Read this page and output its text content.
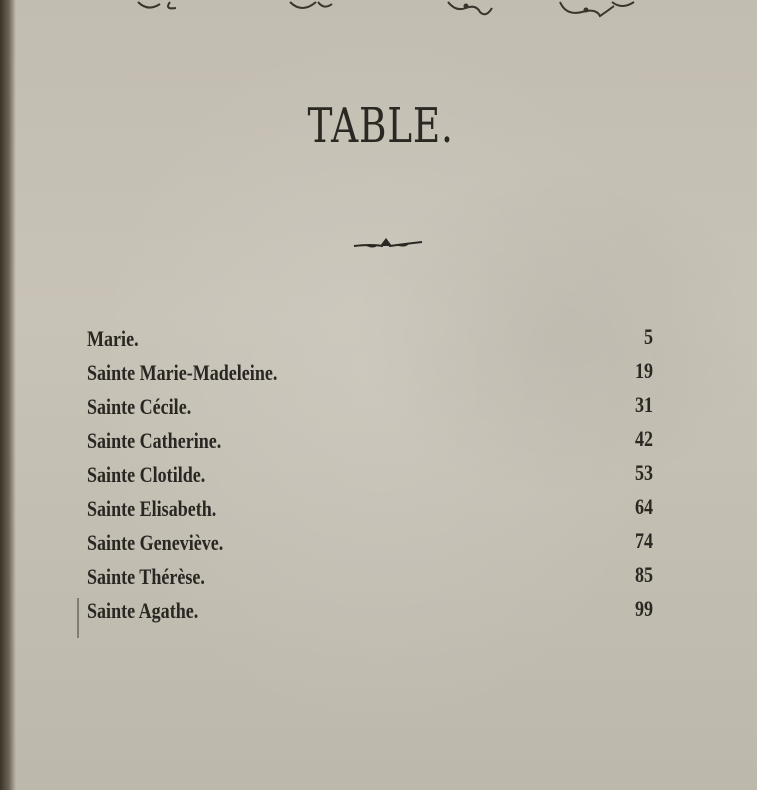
TABLE.
Marie.	5
Sainte Marie-Madeleine.	19
Sainte Cécile.	31
Sainte Catherine.	42
Sainte Clotilde.	53
Sainte Elisabeth.	64
Sainte Geneviève.	74
Sainte Thérèse.	85
Sainte Agathe.	99
